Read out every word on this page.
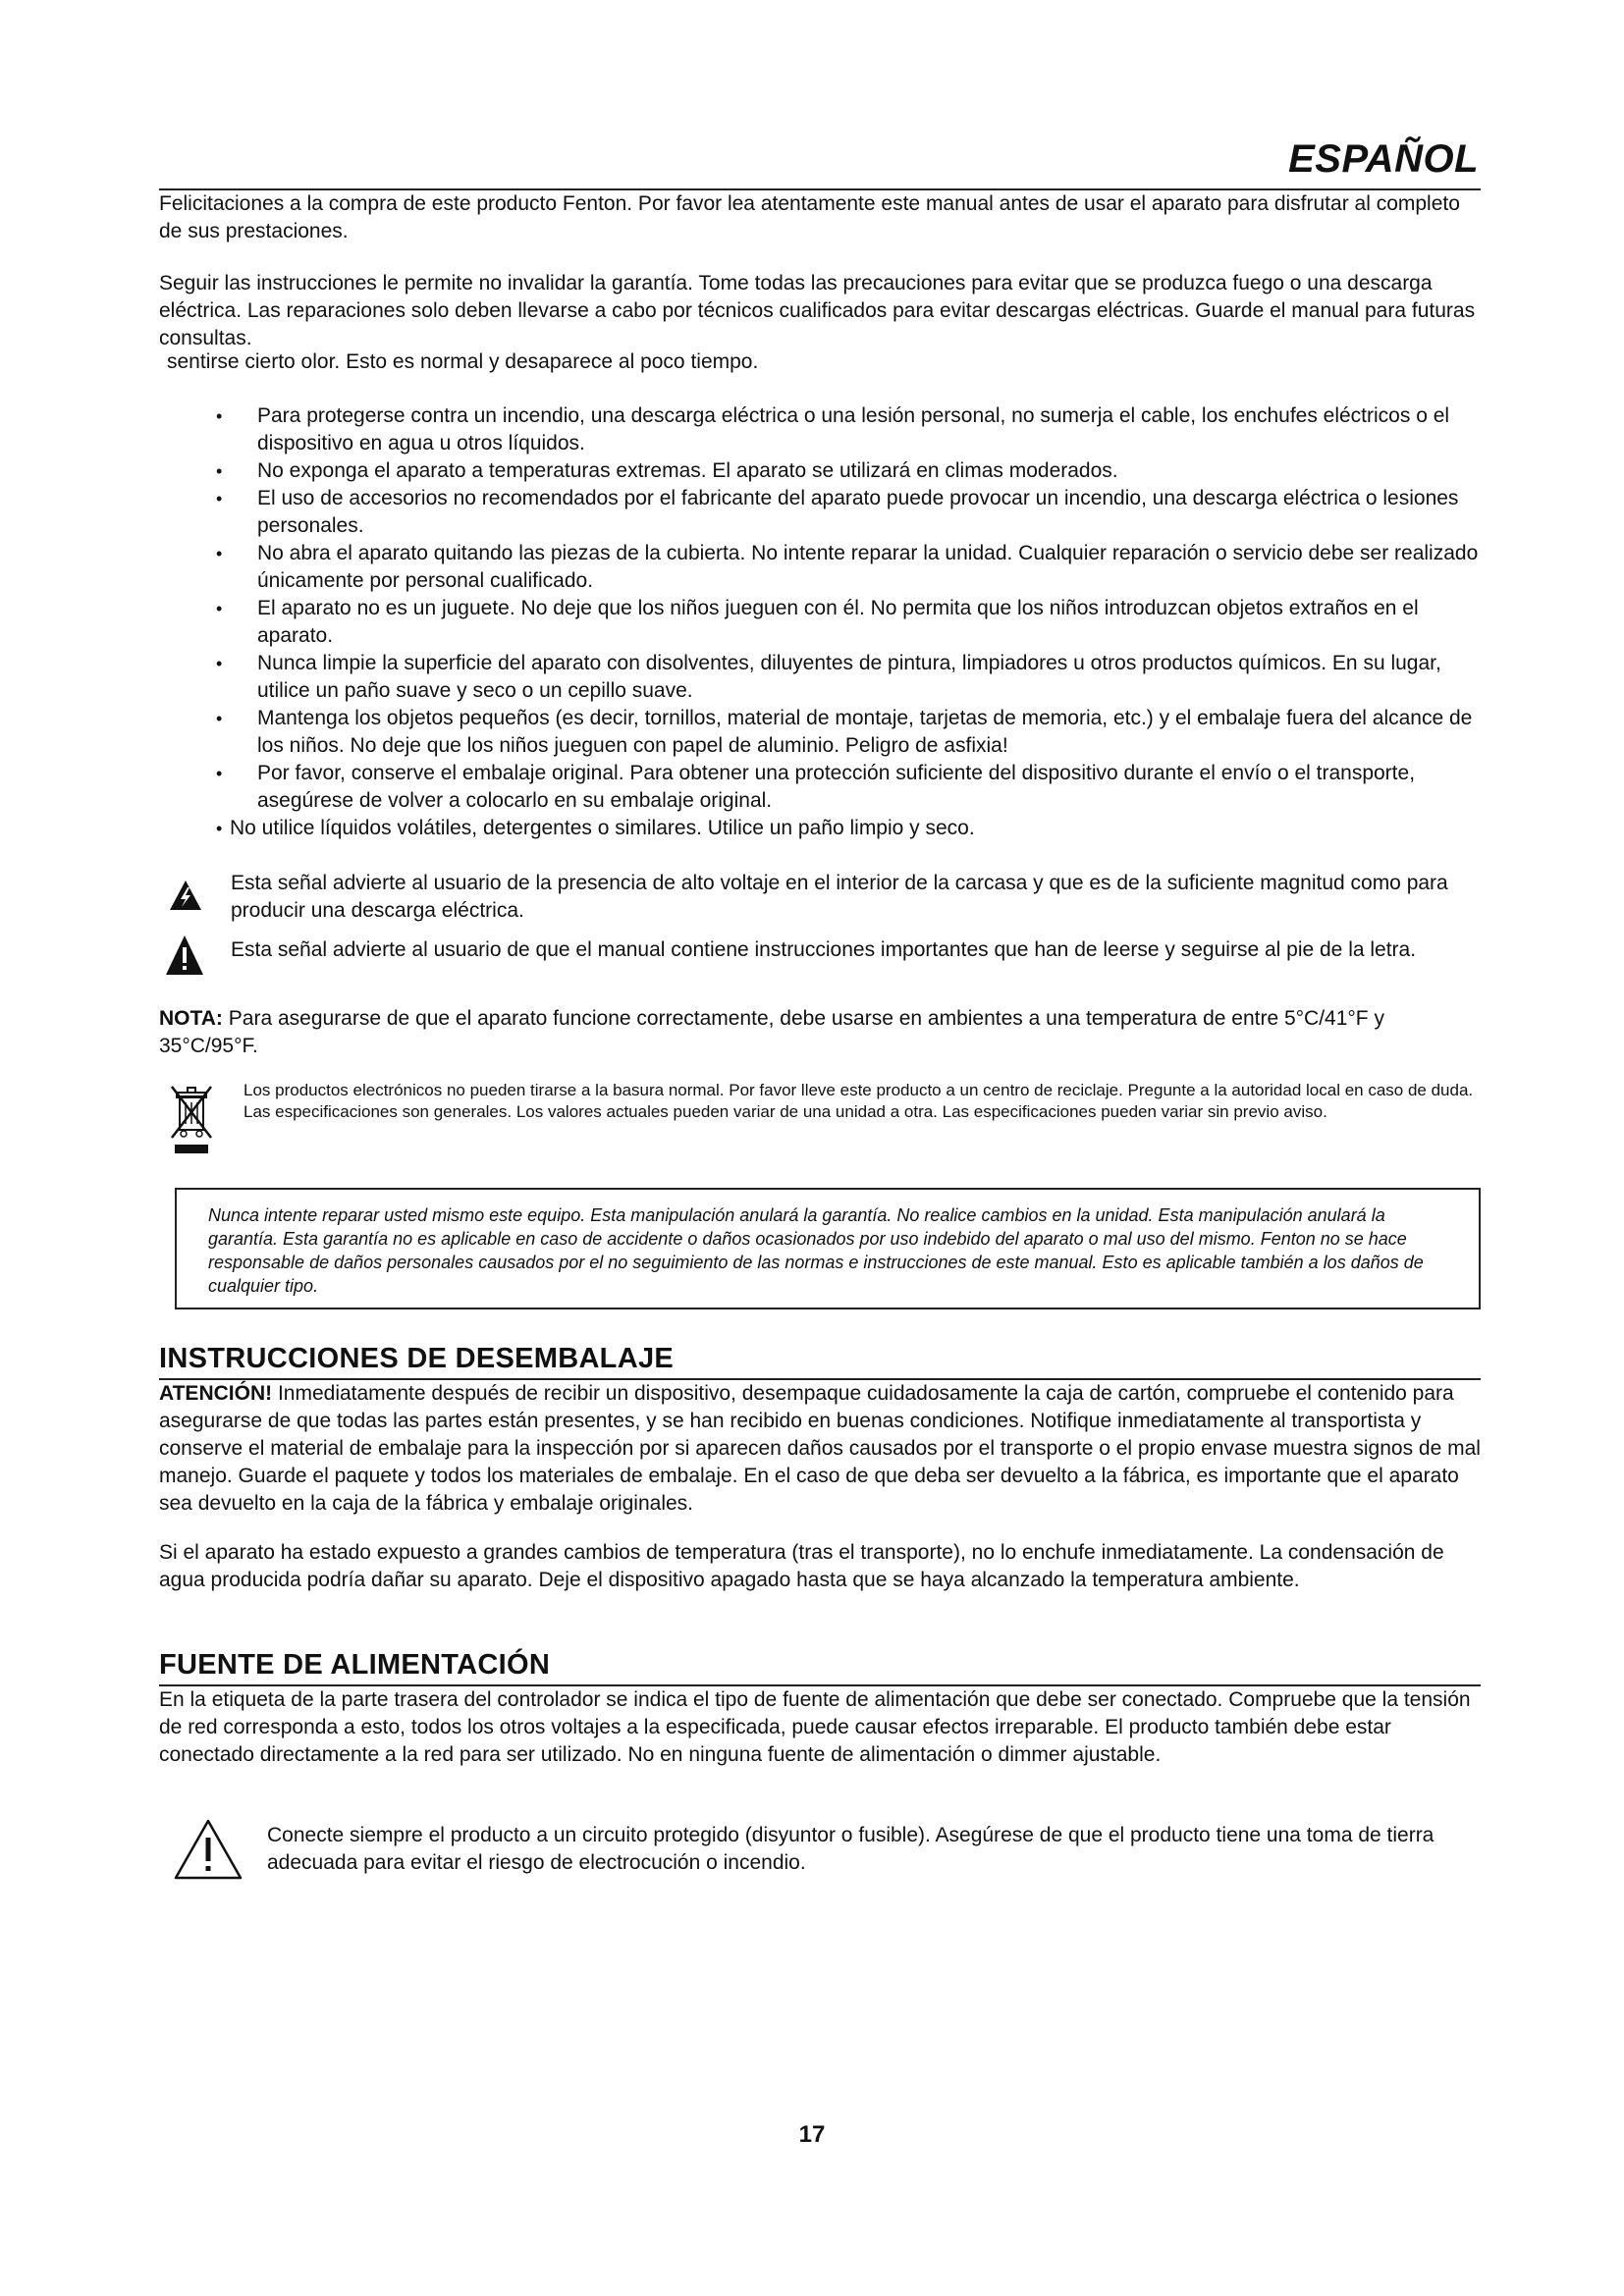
ESPAÑOL
Felicitaciones a la compra de este producto Fenton. Por favor lea atentamente este manual antes de usar el aparato para disfrutar al completo de sus prestaciones.
Seguir las instrucciones le permite no invalidar la garantía. Tome todas las precauciones para evitar que se produzca fuego o una descarga eléctrica. Las reparaciones solo deben llevarse a cabo por técnicos cualificados para evitar descargas eléctricas. Guarde el manual para futuras consultas.
sentirse cierto olor. Esto es normal y desaparece al poco tiempo.
• Para protegerse contra un incendio, una descarga eléctrica o una lesión personal, no sumerja el cable, los enchufes eléctricos o el dispositivo en agua u otros líquidos.
• No exponga el aparato a temperaturas extremas. El aparato se utilizará en climas moderados.
• El uso de accesorios no recomendados por el fabricante del aparato puede provocar un incendio, una descarga eléctrica o lesiones personales.
• No abra el aparato quitando las piezas de la cubierta. No intente reparar la unidad. Cualquier reparación o servicio debe ser realizado únicamente por personal cualificado.
• El aparato no es un juguete. No deje que los niños jueguen con él. No permita que los niños introduzcan objetos extraños en el aparato.
• Nunca limpie la superficie del aparato con disolventes, diluyentes de pintura, limpiadores u otros productos químicos. En su lugar, utilice un paño suave y seco o un cepillo suave.
• Mantenga los objetos pequeños (es decir, tornillos, material de montaje, tarjetas de memoria, etc.) y el embalaje fuera del alcance de los niños. No deje que los niños jueguen con papel de aluminio. Peligro de asfixia!
• Por favor, conserve el embalaje original. Para obtener una protección suficiente del dispositivo durante el envío o el transporte, asegúrese de volver a colocarlo en su embalaje original.
• No utilice líquidos volátiles, detergentes o similares. Utilice un paño limpio y seco.
Esta señal advierte al usuario de la presencia de alto voltaje en el interior de la carcasa y que es de la suficiente magnitud como para producir una descarga eléctrica.
Esta señal advierte al usuario de que el manual contiene instrucciones importantes que han de leerse y seguirse al pie de la letra.
NOTA: Para asegurarse de que el aparato funcione correctamente, debe usarse en ambientes a una temperatura de entre 5°C/41°F y 35°C/95°F.
Los productos electrónicos no pueden tirarse a la basura normal. Por favor lleve este producto a un centro de reciclaje. Pregunte a la autoridad local en caso de duda. Las especificaciones son generales. Los valores actuales pueden variar de una unidad a otra. Las especificaciones pueden variar sin previo aviso.
Nunca intente reparar usted mismo este equipo. Esta manipulación anulará la garantía. No realice cambios en la unidad. Esta manipulación anulará la garantía. Esta garantía no es aplicable en caso de accidente o daños ocasionados por uso indebido del aparato o mal uso del mismo. Fenton no se hace responsable de daños personales causados por el no seguimiento de las normas e instrucciones de este manual. Esto es aplicable también a los daños de cualquier tipo.
INSTRUCCIONES DE DESEMBALAJE
ATENCIÓN! Inmediatamente después de recibir un dispositivo, desempaque cuidadosamente la caja de cartón, compruebe el contenido para asegurarse de que todas las partes están presentes, y se han recibido en buenas condiciones. Notifique inmediatamente al transportista y conserve el material de embalaje para la inspección por si aparecen daños causados por el transporte o el propio envase muestra signos de mal manejo. Guarde el paquete y todos los materiales de embalaje. En el caso de que deba ser devuelto a la fábrica, es importante que el aparato sea devuelto en la caja de la fábrica y embalaje originales.
Si el aparato ha estado expuesto a grandes cambios de temperatura (tras el transporte), no lo enchufe inmediatamente. La condensación de agua producida podría dañar su aparato. Deje el dispositivo apagado hasta que se haya alcanzado la temperatura ambiente.
FUENTE DE ALIMENTACIÓN
En la etiqueta de la parte trasera del controlador se indica el tipo de fuente de alimentación que debe ser conectado. Compruebe que la tensión de red corresponda a esto, todos los otros voltajes a la especificada, puede causar efectos irreparable. El producto también debe estar conectado directamente a la red para ser utilizado. No en ninguna fuente de alimentación o dimmer ajustable.
Conecte siempre el producto a un circuito protegido (disyuntor o fusible). Asegúrese de que el producto tiene una toma de tierra adecuada para evitar el riesgo de electrocución o incendio.
17
